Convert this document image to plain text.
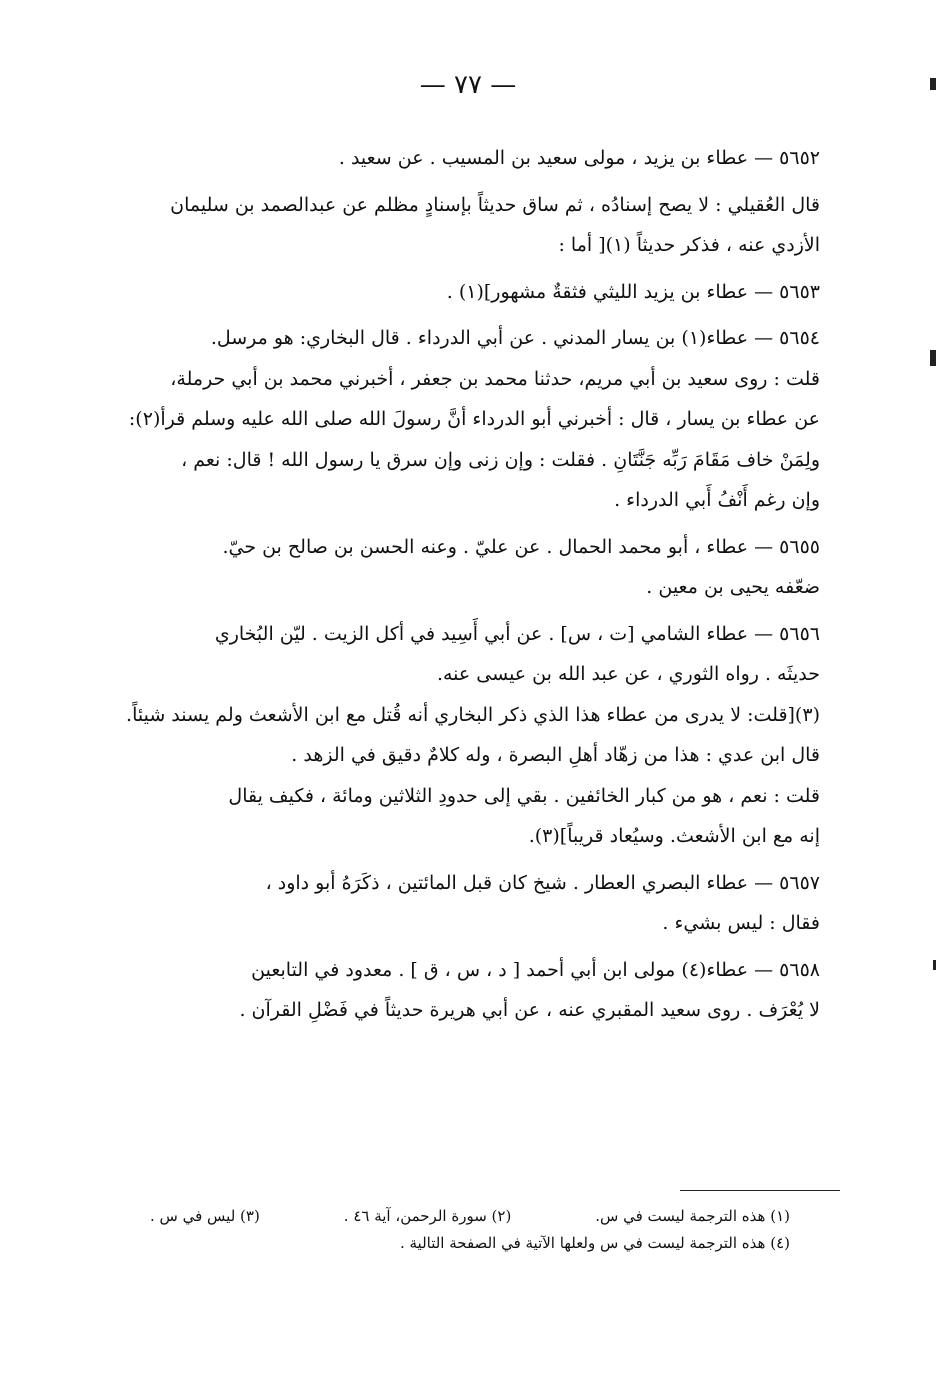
— ٧٧ —

٥٦٥٢ — عطاء بن يزيد ، مولى سعيد بن المسيب . عن سعيد .

قال العُقيلي : لا يصح إسنادُه ، ثم ساق حديثاً بإسنادٍ مظلم عن عبدالصمد بن سليمان
الأزدي عنه ، فذكر حديثاً (١)[ أما :

٥٦٥٣ — عطاء بن يزيد الليثي فثقةٌ مشهور](١) .

٥٦٥٤ — عطاء(١) بن يسار المدني . عن أبي الدرداء . قال البخاري: هو مرسل.
قلت : روى سعيد بن أبي مريم، حدثنا محمد بن جعفر ، أخبرني محمد بن أبي حرملة،
عن عطاء بن يسار ، قال : أخبرني أبو الدرداء أنَّ رسولَ الله صلى الله عليه وسلم قرأ(٢):
ولِمَنْ خاف مَقَامَ رَبِّه جَنَّتَانِ . فقلت : وإن زنى وإن سرق يا رسول الله ! قال: نعم ،
وإن رغم أَنْفُ أَبي الدرداء .

٥٦٥٥ — عطاء ، أبو محمد الحمال . عن عليّ . وعنه الحسن بن صالح بن حيّ.
ضعّفه يحيى بن معين .

٥٦٥٦ — عطاء الشامي [ت ، س] . عن أبي أَسِيد في أكل الزيت . ليّن البُخاري
حديثَه . رواه الثوري ، عن عبد الله بن عيسى عنه.
(٣)[قلت: لا يدرى من عطاء هذا الذي ذكر البخاري أنه قُتل مع ابن الأشعث ولم يسند شيئاً.
قال ابن عدي : هذا من زهّاد أهلِ البصرة ، وله كلامٌ دقيق في الزهد .
قلت : نعم ، هو من كبار الخائفين . بقي إلى حدودِ الثلاثين ومائة ، فكيف يقال
إنه مع ابن الأشعث. وسيُعاد قريباً](٣).

٥٦٥٧ — عطاء البصري العطار . شيخ كان قبل المائتين ، ذكَرَهُ أبو داود ،
فقال : ليس بشيء .

٥٦٥٨ — عطاء(٤) مولى ابن أبي أحمد [ د ، س ، ق ] . معدود في التابعين
لا يُعْرَف . روى سعيد المقبري عنه ، عن أبي هريرة حديثاً في فَضْلِ القرآن .

(١) هذه الترجمة ليست في س.
(٢) سورة الرحمن، آية ٤٦ .
(٣) ليس في س .
(٤) هذه الترجمة ليست في س ولعلها الآتية في الصفحة التالية .
